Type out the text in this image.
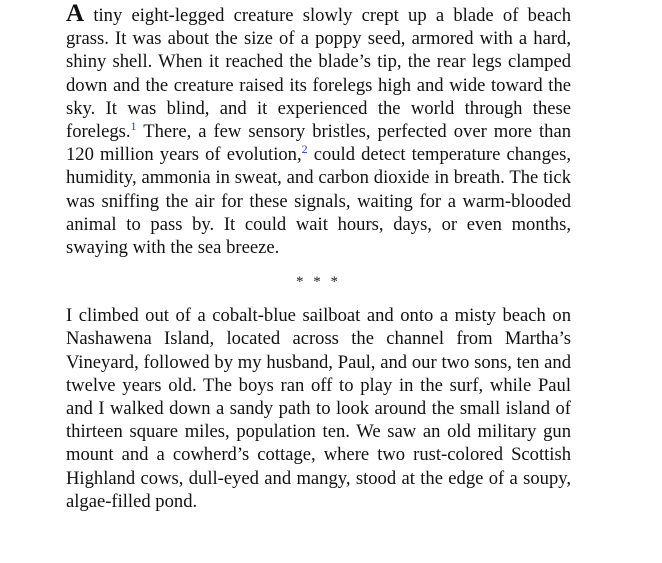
A tiny eight-legged creature slowly crept up a blade of beach grass. It was about the size of a poppy seed, armored with a hard, shiny shell. When it reached the blade’s tip, the rear legs clamped down and the creature raised its forelegs high and wide toward the sky. It was blind, and it experienced the world through these forelegs.$^1$ There, a few sensory bristles, perfected over more than 120 million years of evolution,$^2$ could detect temperature changes, humidity, ammonia in sweat, and carbon dioxide in breath. The tick was sniffing the air for these signals, waiting for a warm-blooded animal to pass by. It could wait hours, days, or even months, swaying with the sea breeze.

* * *

I climbed out of a cobalt-blue sailboat and onto a misty beach on Nashawena Island, located across the channel from Martha’s Vineyard, followed by my husband, Paul, and our two sons, ten and twelve years old. The boys ran off to play in the surf, while Paul and I walked down a sandy path to look around the small island of thirteen square miles, population ten. We saw an old military gun mount and a cowherd’s cottage, where two rust-colored Scottish Highland cows, dull-eyed and mangy, stood at the edge of a soupy, algae-filled pond.
